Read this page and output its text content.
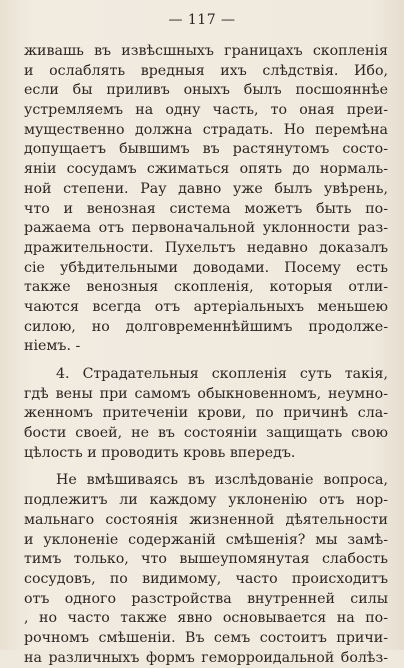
— 117 —
живашь въ извѣсшныхъ границахъ скопленія
и ослаблять вредныя ихъ слѣдствія. Ибо,
если бы приливъ оныхъ былъ посшояннѣе
устремляемъ на одну часть, то оная преи-
мущественно должна страдать. Но перемѣна
допущаетъ бывшимъ въ растянутомъ состо-
яніи сосудамъ сжиматься опять до нормаль-
ной степени. Рау давно уже былъ увѣрень,
что и венозная система можетъ быть по-
ражаема отъ первоначальной уклонности раз-
дражительности. Пухельтъ недавно доказалъ
сіе убѣдительными доводами. Посему есть
также венозныя скопленія, которыя отли-
чаются всегда отъ артеріальныхъ меньшею
силою, но долговременнѣйшимъ продолже-
ніемъ. -
4. Страдательныя скопленія суть такія,
гдѣ вены при самомъ обыкновенномъ, неумно-
женномъ притеченіи крови, по причинѣ сла-
бости своей, не въ состояніи защищать свою
цѣлость и проводить кровь впередъ.
Не вмѣшиваясь въ изслѣдованіе вопроса,
подлежитъ ли каждому уклоненію отъ нор-
мальнаго состоянія жизненной дѣятельности
и уклоненіе содержаній смѣшенія? мы замѣ-
тимъ только, что вышеупомянутая слабость
сосудовъ, по видимому, часто происходитъ
отъ одного разстройства внутренней силы
, но часто также явно основывается на по-
рочномъ смѣшеніи. Въ семъ состоитъ причи-
на различныхъ формъ геморроидальной болѣз-
